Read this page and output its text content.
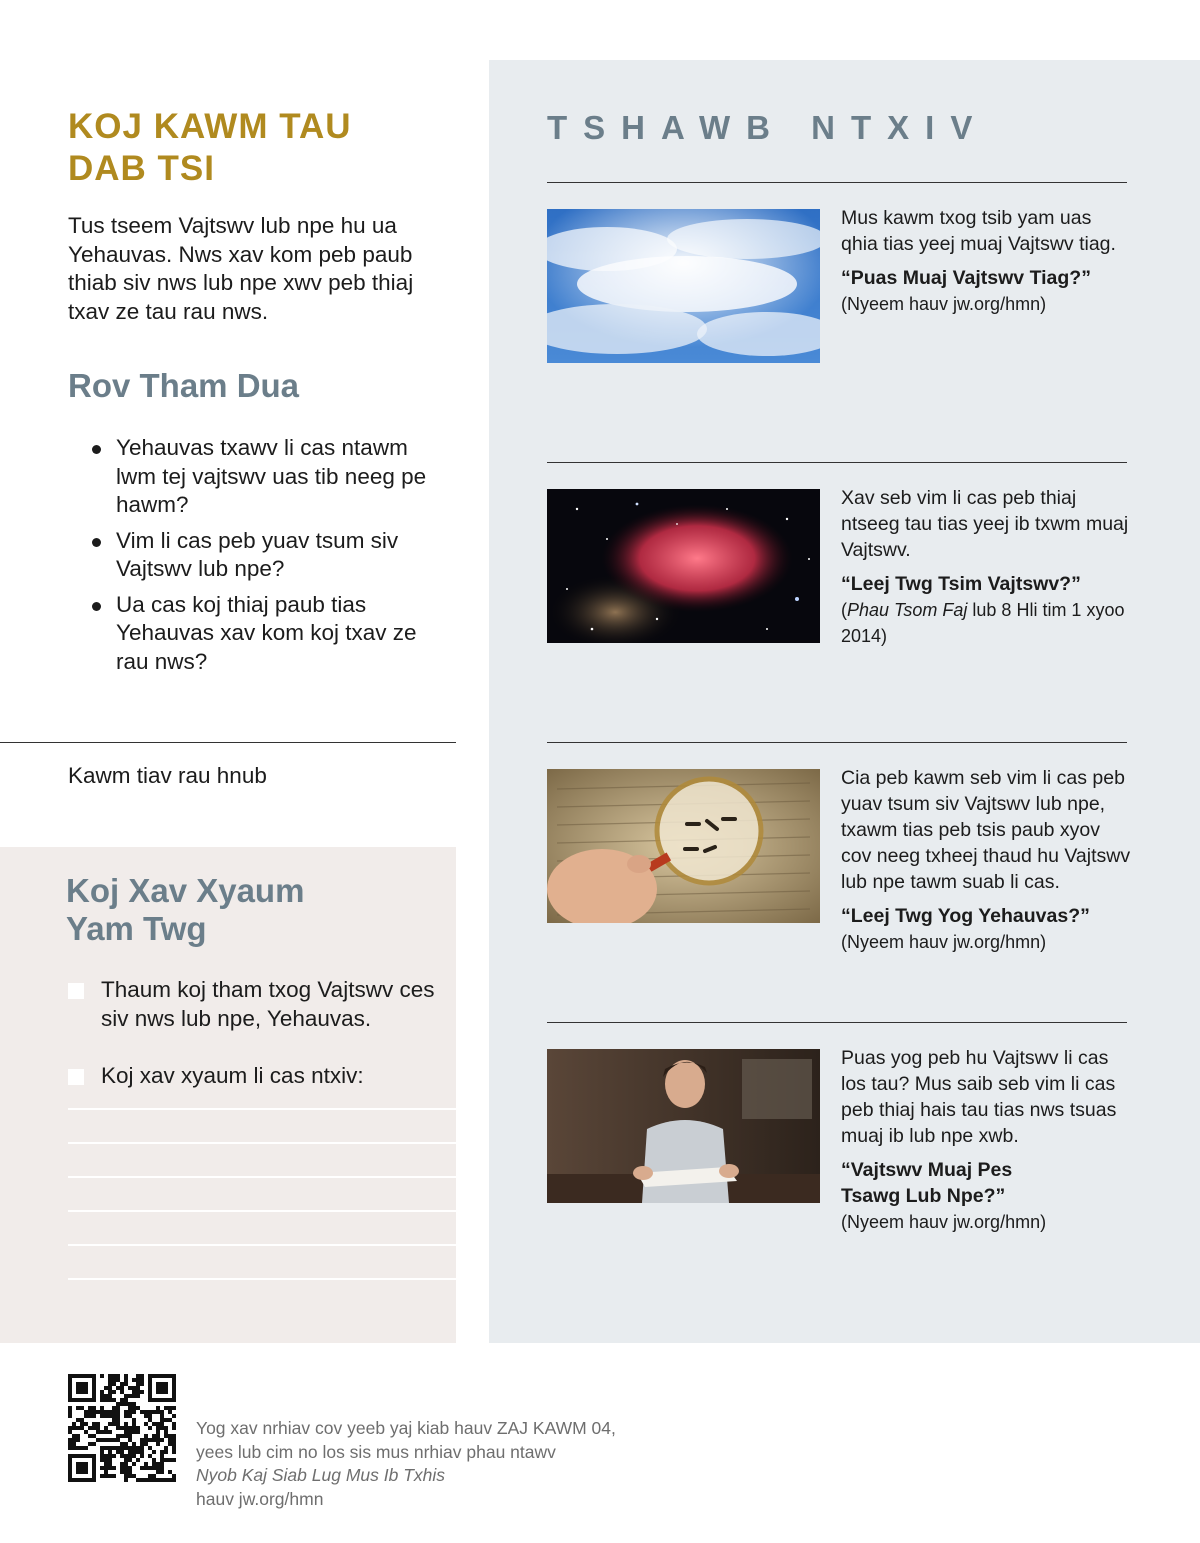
KOJ KAWM TAU
DAB TSI

Tus tseem Vajtswv lub npe hu ua Yehauvas. Nws xav kom peb paub thiab siv nws lub npe xwv peb thiaj txav ze tau rau nws.

Rov Tham Dua
Yehauvas txawv li cas ntawm lwm tej vajtswv uas tib neeg pe hawm?
Vim li cas peb yuav tsum siv Vajtswv lub npe?
Ua cas koj thiaj paub tias Yehauvas xav kom koj txav ze rau nws?
Kawm tiav rau hnub
Koj Xav Xyaum
Yam Twg
Thaum koj tham txog Vajtswv ces siv nws lub npe, Yehauvas.
Koj xav xyaum li cas ntxiv:
TSHAWB NTXIV

Mus kawm txog tsib yam uas qhia tias yeej muaj Vajtswv tiag.

“Puas Muaj Vajtswv Tiag?”

(Nyeem hauv jw.org/hmn)

Xav seb vim li cas peb thiaj ntseeg tau tias yeej ib txwm muaj Vajtswv.

“Leej Twg Tsim Vajtswv?”

(Phau Tsom Faj lub 8 Hli tim 1 xyoo 2014)

Cia peb kawm seb vim li cas peb yuav tsum siv Vajtswv lub npe, txawm tias peb tsis paub xyov cov neeg txheej thaud hu Vajtswv lub npe tawm suab li cas.

“Leej Twg Yog Yehauvas?”

(Nyeem hauv jw.org/hmn)

Puas yog peb hu Vajtswv li cas los tau? Mus saib seb vim li cas peb thiaj hais tau tias nws tsuas muaj ib lub npe xwb.

“Vajtswv Muaj Pes Tsawg Lub Npe?”

(Nyeem hauv jw.org/hmn)

Yog xav nrhiav cov yeeb yaj kiab hauv ZAJ KAWM 04,
yees lub cim no los sis mus nrhiav phau ntawv
Nyob Kaj Siab Lug Mus Ib Txhis
hauv jw.org/hmn
